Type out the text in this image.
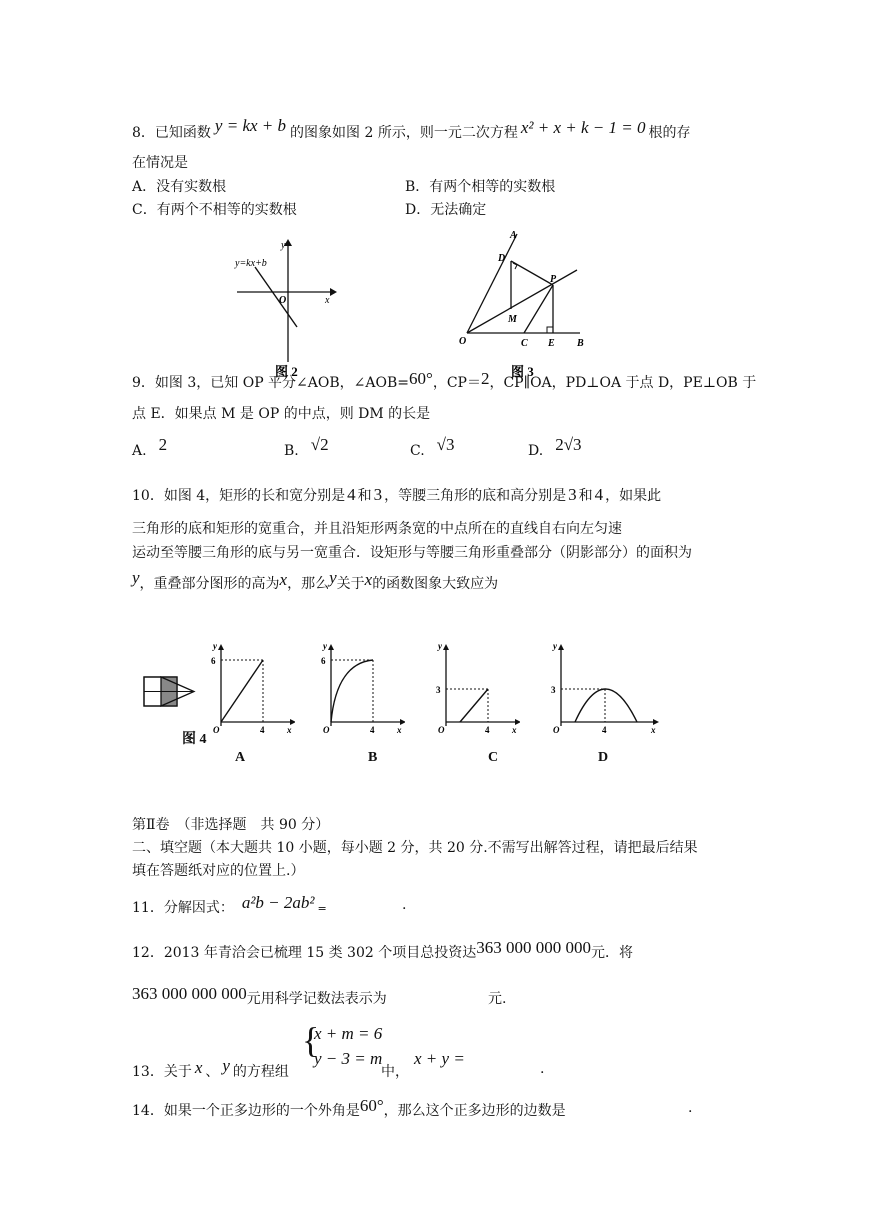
8．已知函数 y = kx + b 的图象如图 2 所示，则一元二次方程 x² + x + k − 1 = 0 根的存
在情况是
A．没有实数根	B．有两个相等的实数根
C．有两个不相等的实数根	D．无法确定
y=kx+b
y
x
O
图 2
A
D
P
M
O	C E B
图 3
9．如图 3，已知 OP 平分∠AOB，∠AOB=60°，CP＝2，CP∥OA，PD⊥OA 于点 D，PE⊥OB 于
点 E．如果点 M 是 OP 的中点，则 DM 的长是
A. 2	B. √2	C. √3	D. 2√3
10．如图 4，矩形的长和宽分别是 4 和 3 ，等腰三角形的底和高分别是 3 和 4 ，如果此
三角形的底和矩形的宽重合，并且沿矩形两条宽的中点所在的直线自右向左匀速
运动至等腰三角形的底与另一宽重合．设矩形与等腰三角形重叠部分（阴影部分）的面积为
y，重叠部分图形的高为x，那么y关于x的函数图象大致应为
图 4
y
6
O	4	x
A
y
6
O	4	x
B
y
3
O	4	x
C
y
3
O	4	x
D
第Ⅱ卷　（非选择题　共 90 分）
二、填空题（本大题共 10 小题，每小题 2 分，共 20 分.不需写出解答过程，请把最后结果
填在答题纸对应的位置上.）
11．分解因式： a²b − 2ab² =	.
12．2013 年青洽会已梳理 15 类 302 个项目总投资达363 000 000 000元．将
363 000 000 000元用科学记数法表示为	元.
{
x + m = 6
y − 3 = m
13．关于 x 、 y 的方程组	中，
x + y =
.
14．如果一个正多边形的一个外角是60°，那么这个正多边形的边数是	.
